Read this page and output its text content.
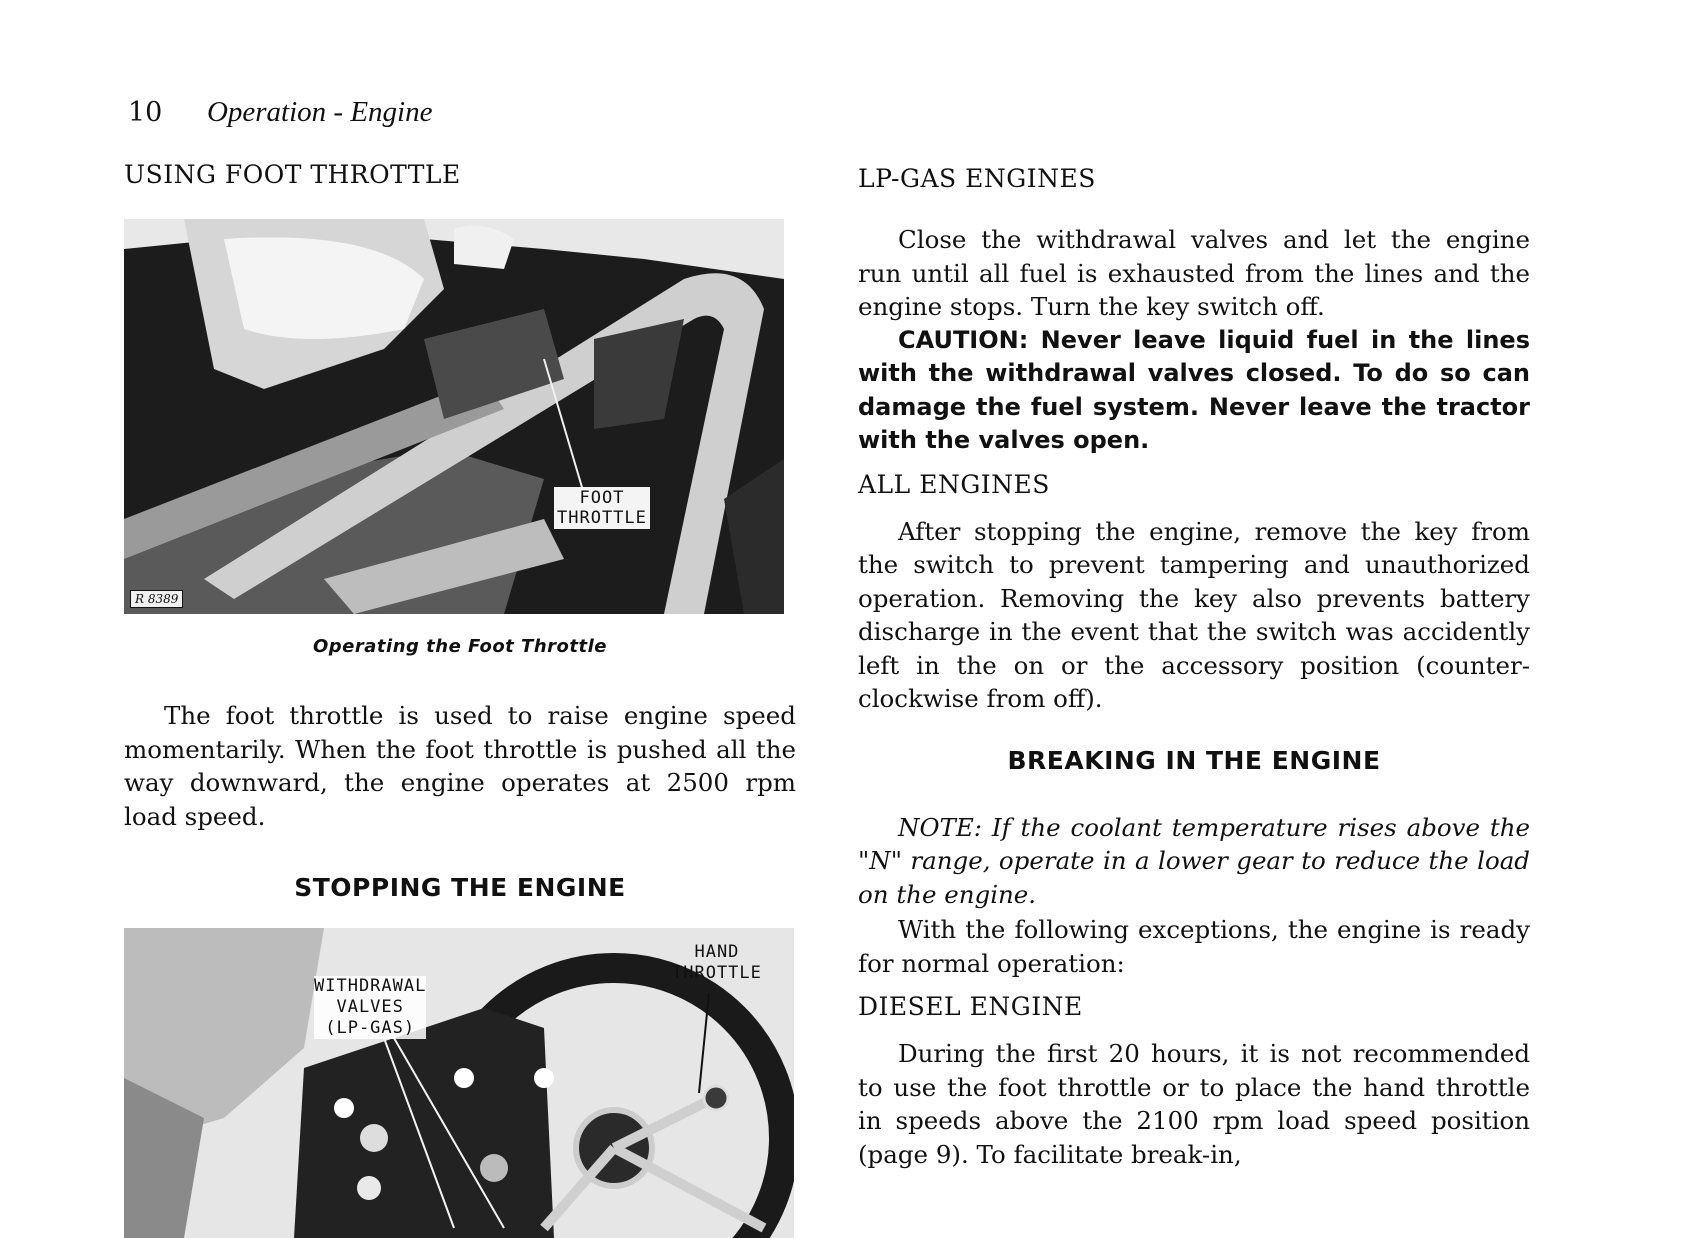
10 Operation - Engine
USING FOOT THROTTLE
FOOT
THROTTLE
R 8389

Operating the Foot Throttle

The foot throttle is used to raise engine speed momentarily. When the foot throttle is pushed all the way downward, the engine operates at 2500 rpm load speed.

STOPPING THE ENGINE
WITHDRAWAL
VALVES
(LP-GAS)
HAND
THROTTLE
LP-GAS ENGINES

Close the withdrawal valves and let the engine run until all fuel is exhausted from the lines and the engine stops. Turn the key switch off.

CAUTION: Never leave liquid fuel in the lines with the withdrawal valves closed. To do so can damage the fuel system. Never leave the tractor with the valves open.

ALL ENGINES

After stopping the engine, remove the key from the switch to prevent tampering and unauthorized operation. Removing the key also prevents battery discharge in the event that the switch was accidently left in the on or the accessory position (counter-clockwise from off).

BREAKING IN THE ENGINE

NOTE: If the coolant temperature rises above the "N" range, operate in a lower gear to reduce the load on the engine.

With the following exceptions, the engine is ready for normal operation:

DIESEL ENGINE

During the first 20 hours, it is not recommended to use the foot throttle or to place the hand throttle in speeds above the 2100 rpm load speed position (page 9). To facilitate break-in,
